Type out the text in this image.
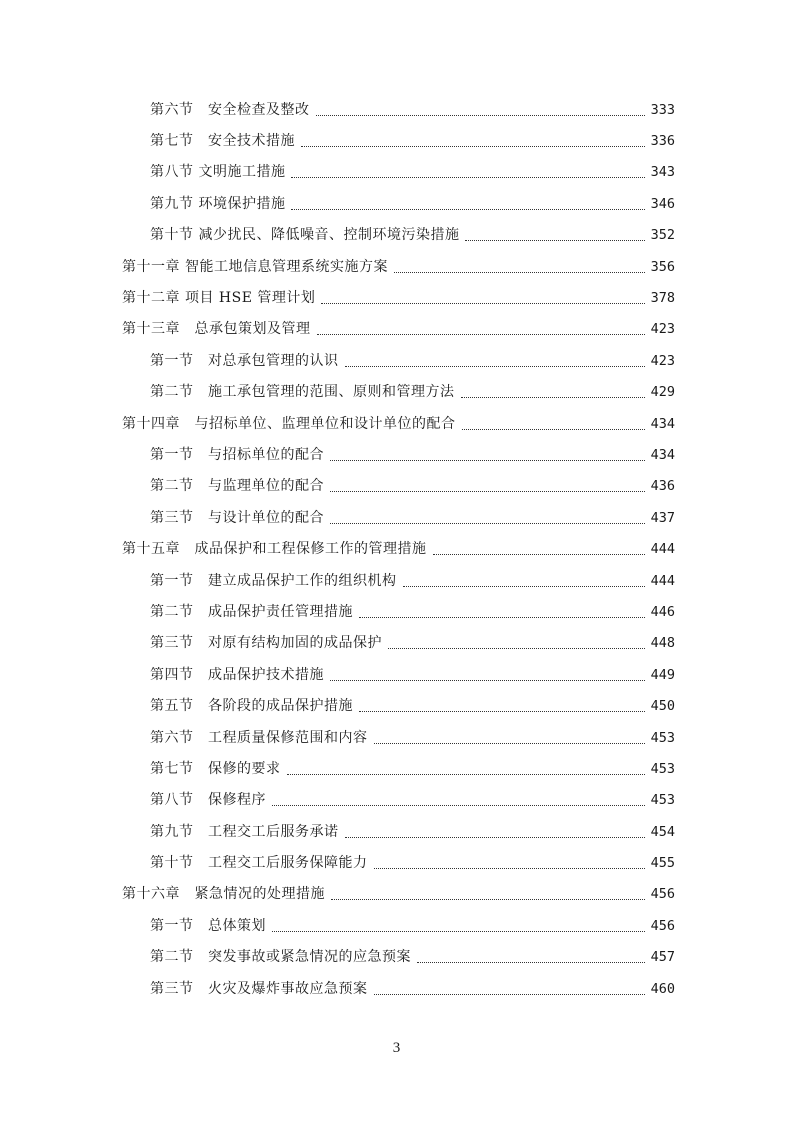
第六节　安全检查及整改	333
第七节　安全技术措施	336
第八节 文明施工措施	343
第九节 环境保护措施	346
第十节 减少扰民、降低噪音、控制环境污染措施	352
第十一章 智能工地信息管理系统实施方案	356
第十二章 项目 HSE 管理计划	378
第十三章　总承包策划及管理	423
第一节　对总承包管理的认识	423
第二节　施工承包管理的范围、原则和管理方法	429
第十四章　与招标单位、监理单位和设计单位的配合	434
第一节　与招标单位的配合	434
第二节　与监理单位的配合	436
第三节　与设计单位的配合	437
第十五章　成品保护和工程保修工作的管理措施	444
第一节　建立成品保护工作的组织机构	444
第二节　成品保护责任管理措施	446
第三节　对原有结构加固的成品保护	448
第四节　成品保护技术措施	449
第五节　各阶段的成品保护措施	450
第六节　工程质量保修范围和内容	453
第七节　保修的要求	453
第八节　保修程序	453
第九节　工程交工后服务承诺	454
第十节　工程交工后服务保障能力	455
第十六章　紧急情况的处理措施	456
第一节　总体策划	456
第二节　突发事故或紧急情况的应急预案	457
第三节　火灾及爆炸事故应急预案	460
3
